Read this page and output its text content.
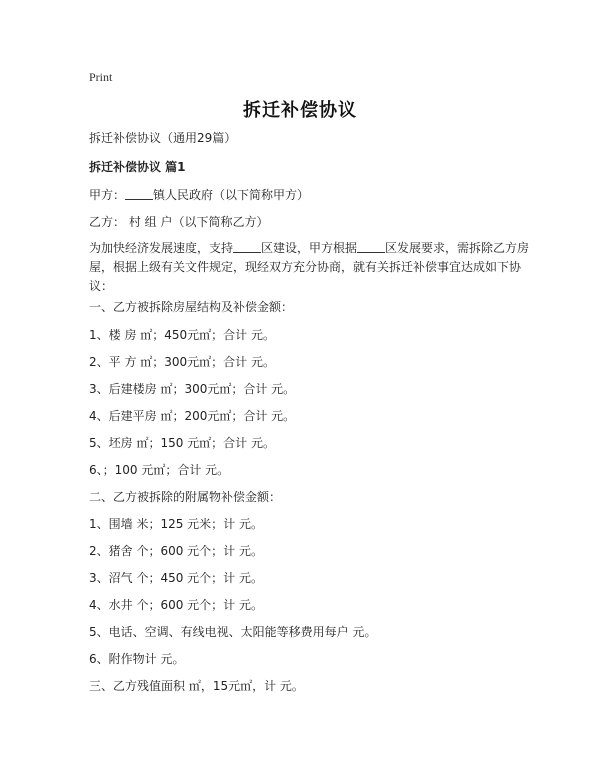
Print
拆迁补偿协议
拆迁补偿协议（通用29篇）
拆迁补偿协议 篇1
甲方： 镇人民政府（以下简称甲方）
乙方： 村 组 户（以下简称乙方）
为加快经济发展速度，支持 区建设，甲方根据 区发展要求，需拆除乙方房屋，根据上级有关文件规定，现经双方充分协商，就有关拆迁补偿事宜达成如下协议：
一、乙方被拆除房屋结构及补偿金额：
1、楼 房 ㎡；450元㎡；合计 元。
2、平 方 ㎡；300元㎡；合计 元。
3、后建楼房 ㎡；300元㎡；合计 元。
4、后建平房 ㎡；200元㎡；合计 元。
5、坯房 ㎡；150 元㎡；合计 元。
6、；100 元㎡；合计 元。
二、乙方被拆除的附属物补偿金额：
1、围墙 米；125 元米；计 元。
2、猪舍 个；600 元个；计 元。
3、沼气 个；450 元个；计 元。
4、水井 个；600 元个；计 元。
5、电话、空调、有线电视、太阳能等移费用每户 元。
6、附作物计 元。
三、乙方残值面积 ㎡，15元㎡，计 元。
